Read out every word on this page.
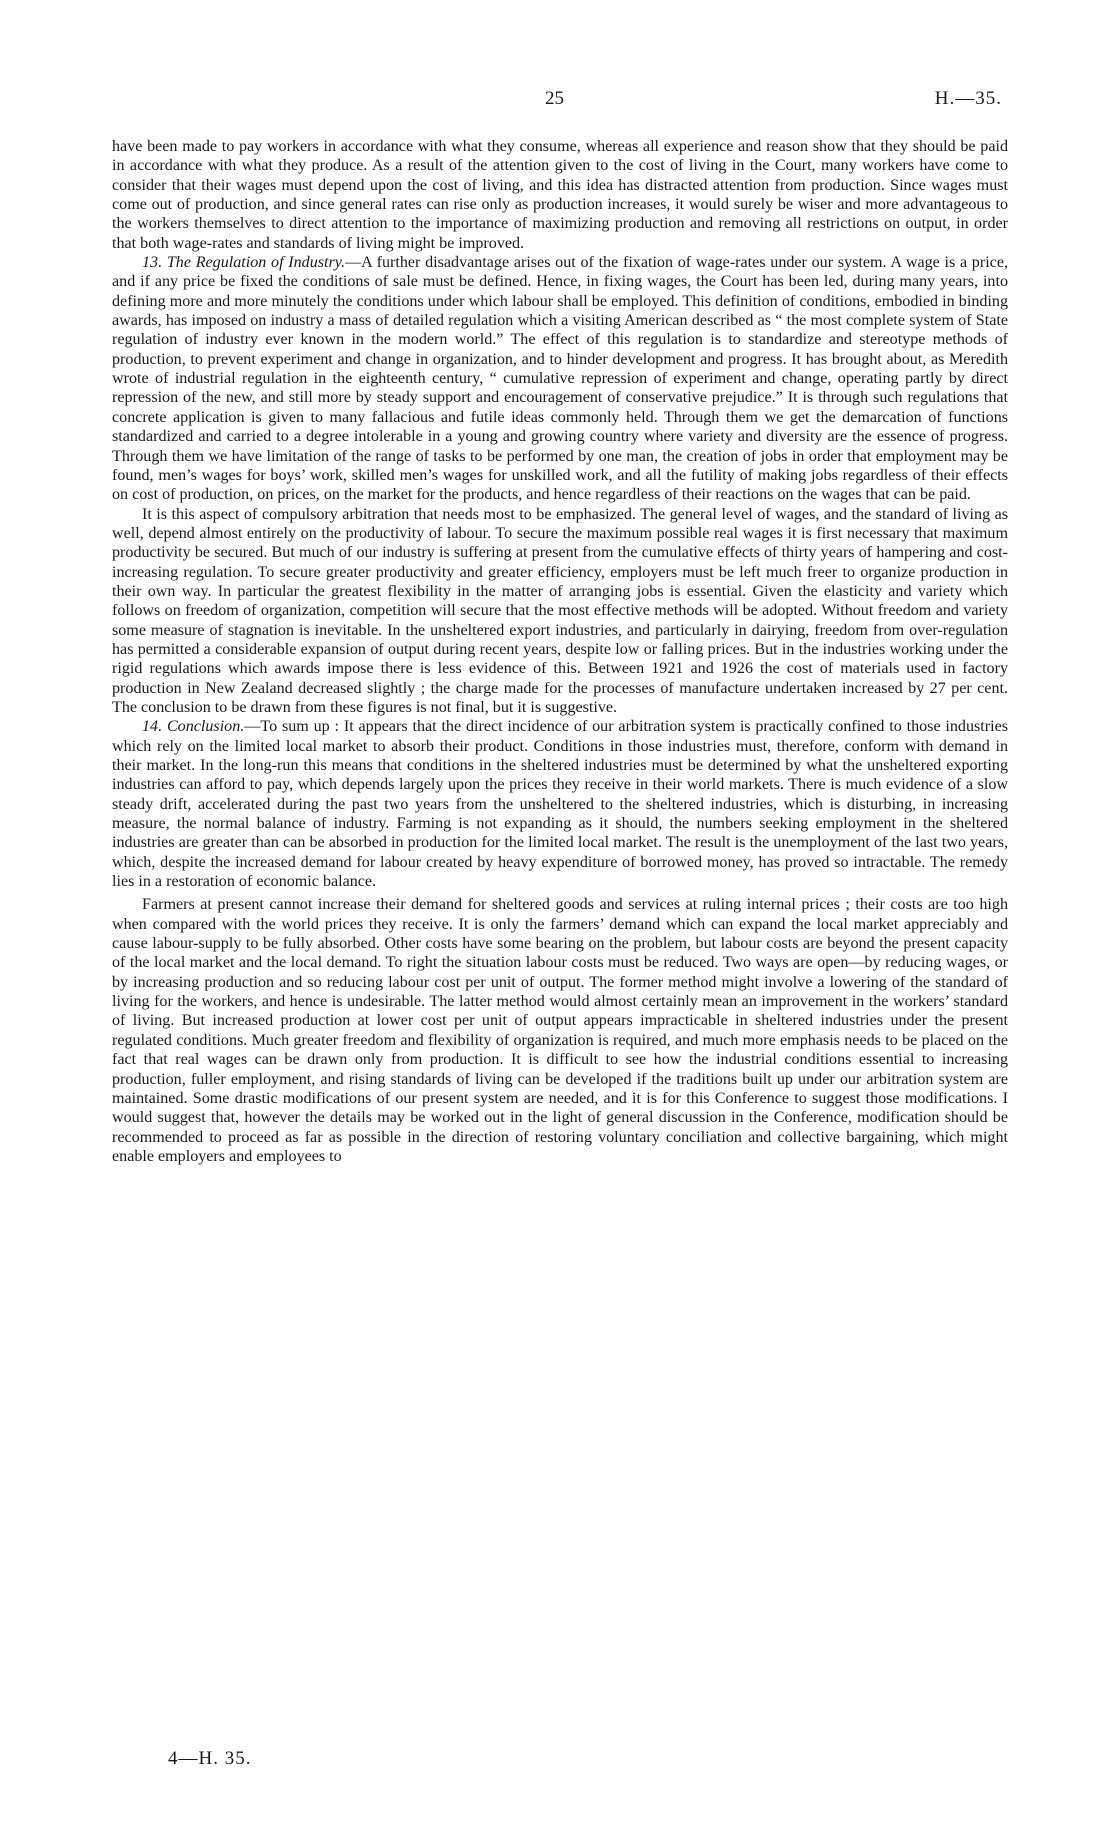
25	H.—35.

have been made to pay workers in accordance with what they consume, whereas all experience and reason show that they should be paid in accordance with what they produce. As a result of the attention given to the cost of living in the Court, many workers have come to consider that their wages must depend upon the cost of living, and this idea has distracted attention from production. Since wages must come out of production, and since general rates can rise only as production increases, it would surely be wiser and more advantageous to the workers themselves to direct attention to the importance of maximizing production and removing all restrictions on output, in order that both wage-rates and standards of living might be improved.

13. The Regulation of Industry.—A further disadvantage arises out of the fixation of wage-rates under our system. A wage is a price, and if any price be fixed the conditions of sale must be defined. Hence, in fixing wages, the Court has been led, during many years, into defining more and more minutely the conditions under which labour shall be employed. This definition of conditions, embodied in binding awards, has imposed on industry a mass of detailed regulation which a visiting American described as “ the most complete system of State regulation of industry ever known in the modern world.” The effect of this regulation is to standardize and stereotype methods of production, to prevent experiment and change in organization, and to hinder development and progress. It has brought about, as Meredith wrote of industrial regulation in the eighteenth century, “ cumulative repression of experiment and change, operating partly by direct repression of the new, and still more by steady support and encouragement of conservative prejudice.” It is through such regulations that concrete application is given to many fallacious and futile ideas commonly held. Through them we get the demarcation of functions standardized and carried to a degree intolerable in a young and growing country where variety and diversity are the essence of progress. Through them we have limitation of the range of tasks to be performed by one man, the creation of jobs in order that employment may be found, men’s wages for boys’ work, skilled men’s wages for unskilled work, and all the futility of making jobs regardless of their effects on cost of production, on prices, on the market for the products, and hence regardless of their reactions on the wages that can be paid.

It is this aspect of compulsory arbitration that needs most to be emphasized. The general level of wages, and the standard of living as well, depend almost entirely on the productivity of labour. To secure the maximum possible real wages it is first necessary that maximum productivity be secured. But much of our industry is suffering at present from the cumulative effects of thirty years of hampering and cost-increasing regulation. To secure greater productivity and greater efficiency, employers must be left much freer to organize production in their own way. In particular the greatest flexibility in the matter of arranging jobs is essential. Given the elasticity and variety which follows on freedom of organization, competition will secure that the most effective methods will be adopted. Without freedom and variety some measure of stagnation is inevitable. In the unsheltered export industries, and particularly in dairying, freedom from over-regulation has permitted a considerable expansion of output during recent years, despite low or falling prices. But in the industries working under the rigid regulations which awards impose there is less evidence of this. Between 1921 and 1926 the cost of materials used in factory production in New Zealand decreased slightly ; the charge made for the processes of manufacture undertaken increased by 27 per cent. The conclusion to be drawn from these figures is not final, but it is suggestive.

14. Conclusion.—To sum up : It appears that the direct incidence of our arbitration system is practically confined to those industries which rely on the limited local market to absorb their product. Conditions in those industries must, therefore, conform with demand in their market. In the long-run this means that conditions in the sheltered industries must be determined by what the unsheltered exporting industries can afford to pay, which depends largely upon the prices they receive in their world markets. There is much evidence of a slow steady drift, accelerated during the past two years from the unsheltered to the sheltered industries, which is disturbing, in increasing measure, the normal balance of industry. Farming is not expanding as it should, the numbers seeking employment in the sheltered industries are greater than can be absorbed in production for the limited local market. The result is the unemployment of the last two years, which, despite the increased demand for labour created by heavy expenditure of borrowed money, has proved so intractable. The remedy lies in a restoration of economic balance.

Farmers at present cannot increase their demand for sheltered goods and services at ruling internal prices ; their costs are too high when compared with the world prices they receive. It is only the farmers’ demand which can expand the local market appreciably and cause labour-supply to be fully absorbed. Other costs have some bearing on the problem, but labour costs are beyond the present capacity of the local market and the local demand. To right the situation labour costs must be reduced. Two ways are open—by reducing wages, or by increasing production and so reducing labour cost per unit of output. The former method might involve a lowering of the standard of living for the workers, and hence is undesirable. The latter method would almost certainly mean an improvement in the workers’ standard of living. But increased production at lower cost per unit of output appears impracticable in sheltered industries under the present regulated conditions. Much greater freedom and flexibility of organization is required, and much more emphasis needs to be placed on the fact that real wages can be drawn only from production. It is difficult to see how the industrial conditions essential to increasing production, fuller employment, and rising standards of living can be developed if the traditions built up under our arbitration system are maintained. Some drastic modifications of our present system are needed, and it is for this Conference to suggest those modifications. I would suggest that, however the details may be worked out in the light of general discussion in the Conference, modification should be recommended to proceed as far as possible in the direction of restoring voluntary conciliation and collective bargaining, which might enable employers and employees to

4—H. 35.
